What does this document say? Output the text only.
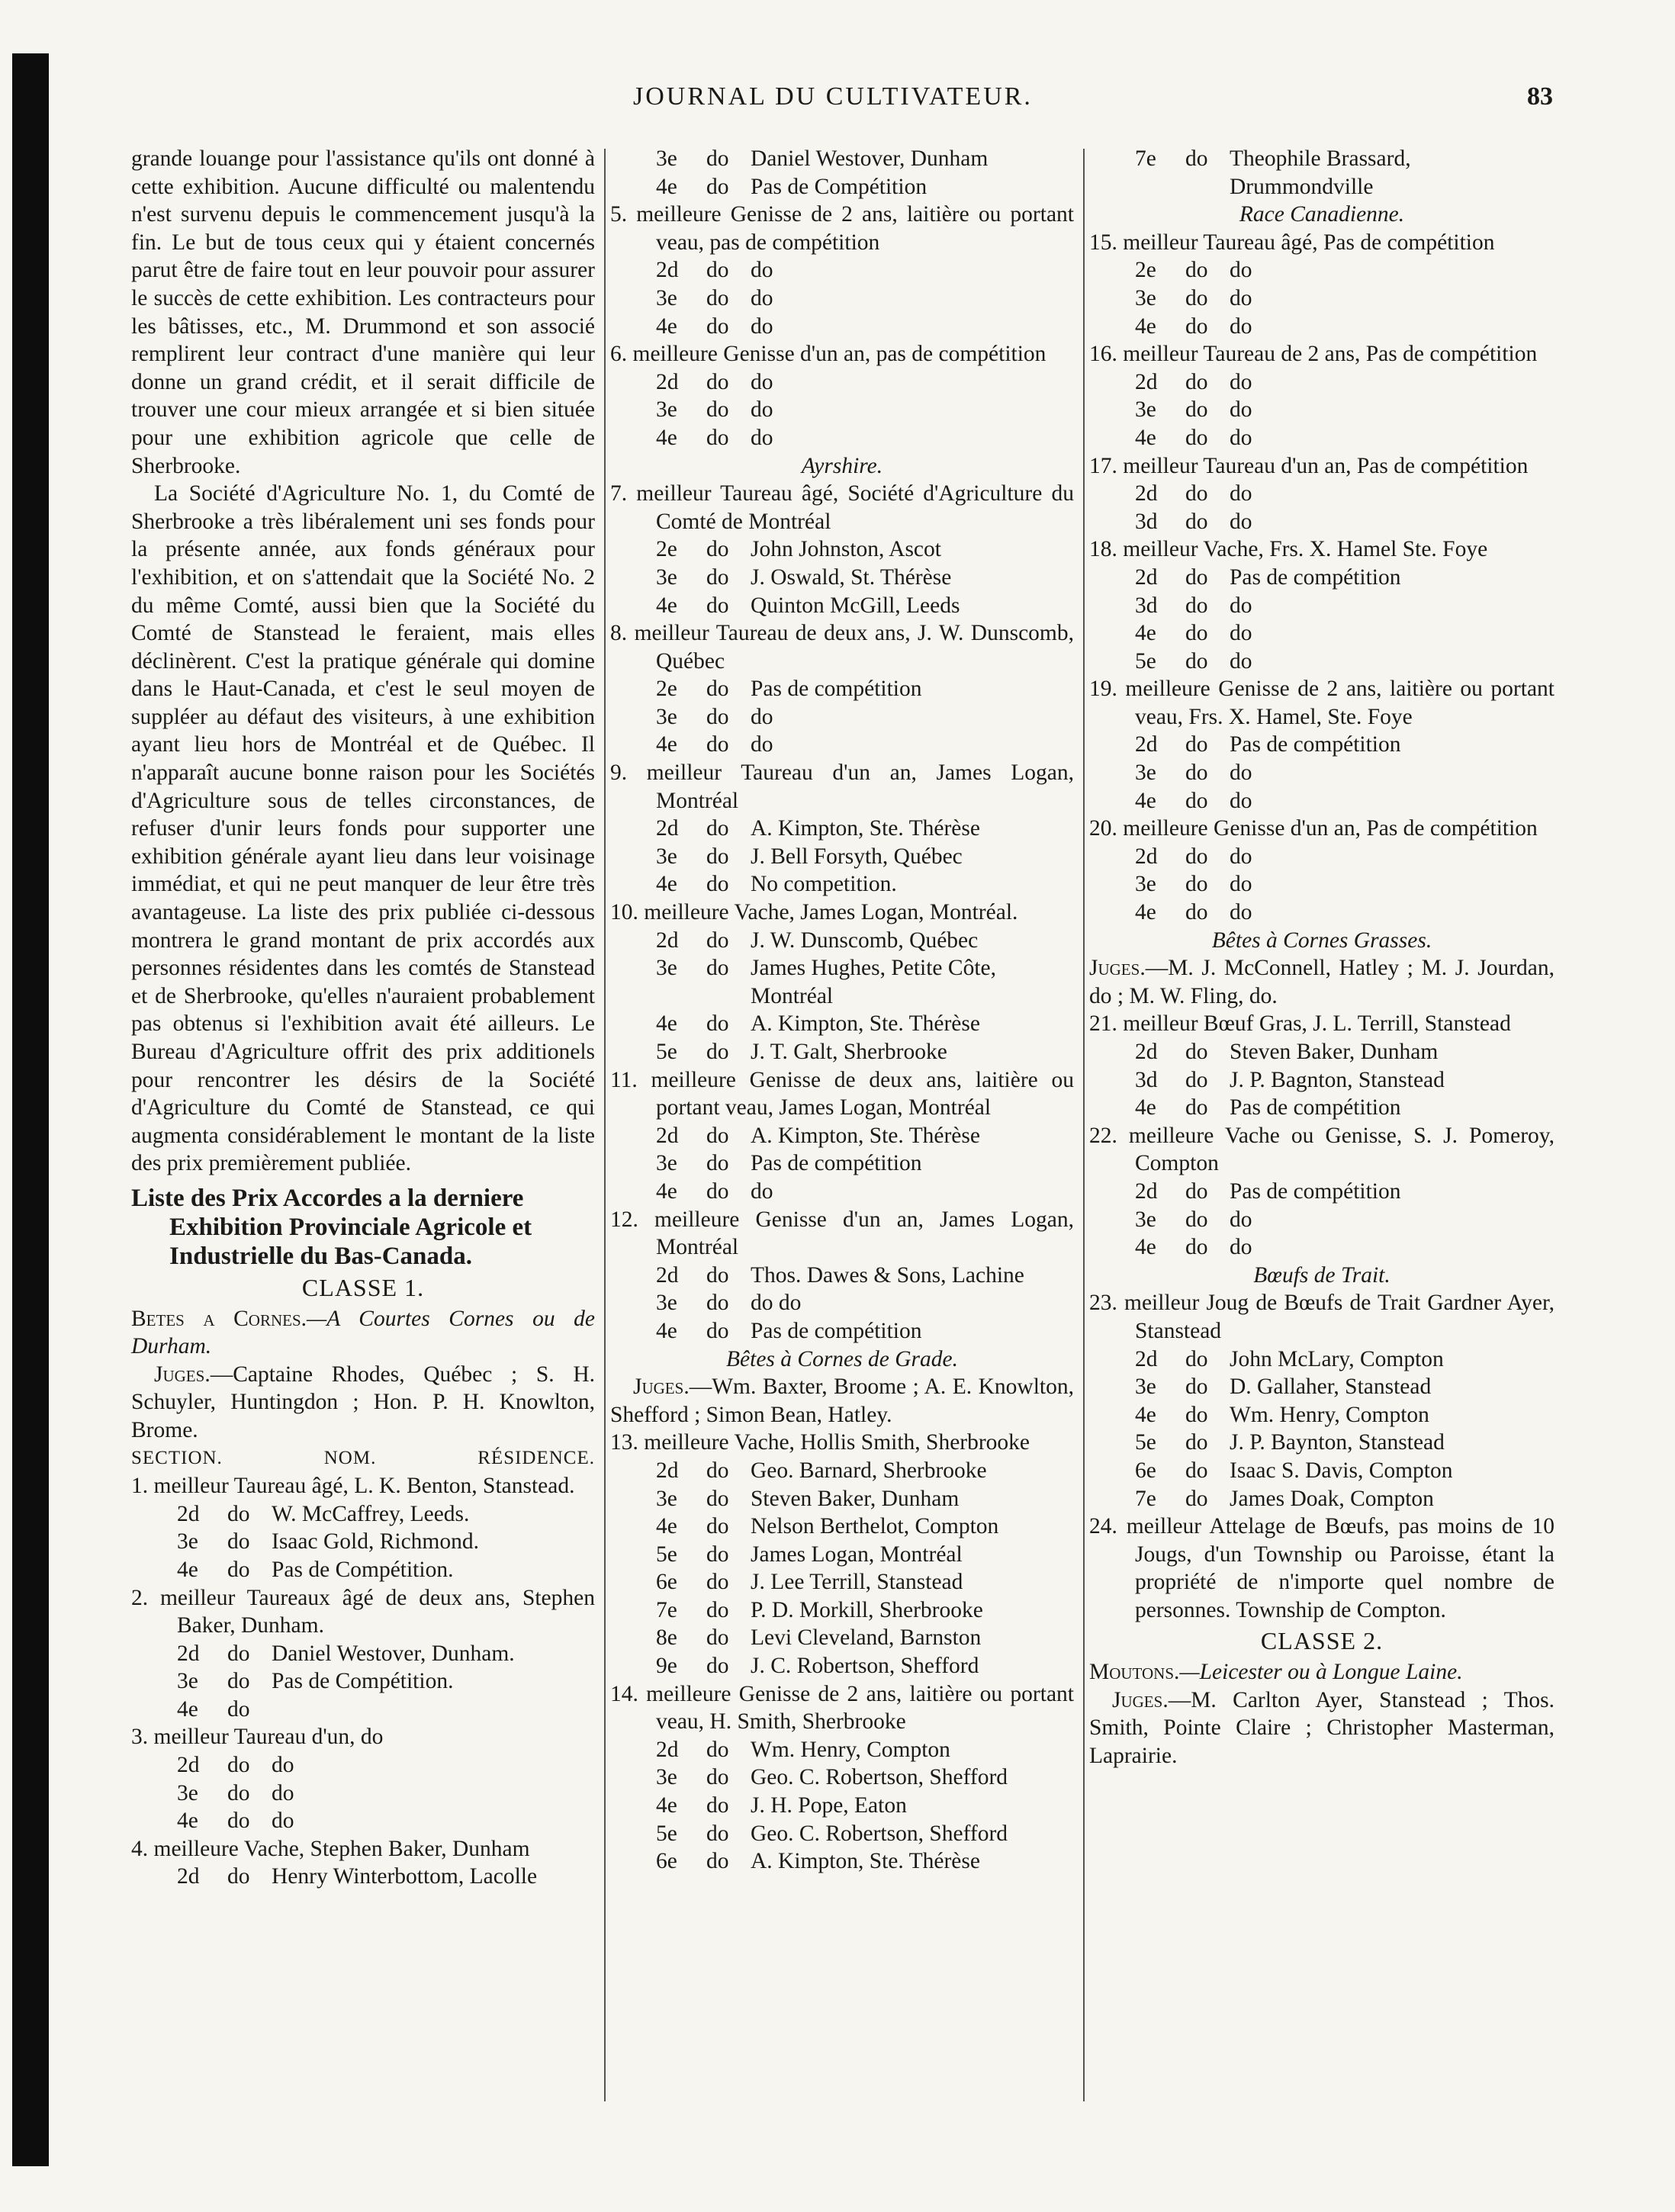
JOURNAL DU CULTIVATEUR.	83

grande louange pour l'assistance qu'ils ont donné à cette exhibition. Aucune difficulté ou malentendu n'est survenu depuis le commencement jusqu'à la fin. Le but de tous ceux qui y étaient concernés parut être de faire tout en leur pouvoir pour assurer le succès de cette exhibition. Les contracteurs pour les bâtisses, etc., M. Drummond et son associé remplirent leur contract d'une manière qui leur donne un grand crédit, et il serait difficile de trouver une cour mieux arrangée et si bien située pour une exhibition agricole que celle de Sherbrooke.

La Société d'Agriculture No. 1, du Comté de Sherbrooke a très libéralement uni ses fonds pour la présente année, aux fonds généraux pour l'exhibition, et on s'attendait que la Société No. 2 du même Comté, aussi bien que la Société du Comté de Stanstead le feraient, mais elles déclinèrent. C'est la pratique générale qui domine dans le Haut-Canada, et c'est le seul moyen de suppléer au défaut des visiteurs, à une exhibition ayant lieu hors de Montréal et de Québec. Il n'apparaît aucune bonne raison pour les Sociétés d'Agriculture sous de telles circonstances, de refuser d'unir leurs fonds pour supporter une exhibition générale ayant lieu dans leur voisinage immédiat, et qui ne peut manquer de leur être très avantageuse. La liste des prix publiée ci-dessous montrera le grand montant de prix accordés aux personnes résidentes dans les comtés de Stanstead et de Sherbrooke, qu'elles n'auraient probablement pas obtenus si l'exhibition avait été ailleurs. Le Bureau d'Agriculture offrit des prix additionels pour rencontrer les désirs de la Société d'Agriculture du Comté de Stanstead, ce qui augmenta considérablement le montant de la liste des prix premièrement publiée.

Liste des Prix Accordes a la derniere
Exhibition Provinciale Agricole et Industrielle du Bas-Canada.

CLASSE 1.

Betes a Cornes.—A Courtes Cornes ou de Durham.

Juges.—Captaine Rhodes, Québec ; S. H. Schuyler, Huntingdon ; Hon. P. H. Knowlton, Brome.

SECTION.	NOM.	RÉSIDENCE.

1. meilleur Taureau âgé, L. K. Benton, Stanstead.

2d	do W. McCaffrey, Leeds.
3e	do Isaac Gold, Richmond.
4e	do Pas de Compétition.

2. meilleur Taureaux âgé de deux ans, Stephen Baker, Dunham.

2d	do Daniel Westover, Dunham.
3e	do Pas de Compétition.
4e	do

3. meilleur Taureau d'un, do

2d	do do
3e	do do
4e	do do

4. meilleure Vache, Stephen Baker, Dunham

2d	do Henry Winterbottom, Lacolle
3e	do Daniel Westover, Dunham
4e	do Pas de Compétition

5. meilleure Genisse de 2 ans, laitière ou portant veau, pas de compétition

2d	do do
3e	do do
4e	do do

6. meilleure Genisse d'un an, pas de compétition

2d	do do
3e	do do
4e	do do

Ayrshire.

7. meilleur Taureau âgé, Société d'Agriculture du Comté de Montréal

2e	do John Johnston, Ascot
3e	do J. Oswald, St. Thérèse
4e	do Quinton McGill, Leeds

8. meilleur Taureau de deux ans, J. W. Dunscomb, Québec

2e	do Pas de compétition
3e	do do
4e	do do

9. meilleur Taureau d'un an, James Logan, Montréal

2d	do A. Kimpton, Ste. Thérèse
3e	do J. Bell Forsyth, Québec
4e	do No competition.

10. meilleure Vache, James Logan, Montréal.

2d	do J. W. Dunscomb, Québec
3e	do James Hughes, Petite Côte, Montréal
4e	do A. Kimpton, Ste. Thérèse
5e	do J. T. Galt, Sherbrooke

11. meilleure Genisse de deux ans, laitière ou portant veau, James Logan, Montréal

2d	do A. Kimpton, Ste. Thérèse
3e	do Pas de compétition
4e	do do

12. meilleure Genisse d'un an, James Logan, Montréal

2d	do Thos. Dawes & Sons, Lachine
3e	do do do
4e	do Pas de compétition

Bêtes à Cornes de Grade.

Juges.—Wm. Baxter, Broome ; A. E. Knowlton, Shefford ; Simon Bean, Hatley.

13. meilleure Vache, Hollis Smith, Sherbrooke

2d	do Geo. Barnard, Sherbrooke
3e	do Steven Baker, Dunham
4e	do Nelson Berthelot, Compton
5e	do James Logan, Montréal
6e	do J. Lee Terrill, Stanstead
7e	do P. D. Morkill, Sherbrooke
8e	do Levi Cleveland, Barnston
9e	do J. C. Robertson, Shefford

14. meilleure Genisse de 2 ans, laitière ou portant veau, H. Smith, Sherbrooke

2d	do Wm. Henry, Compton
3e	do Geo. C. Robertson, Shefford
4e	do J. H. Pope, Eaton
5e	do Geo. C. Robertson, Shefford
6e	do A. Kimpton, Ste. Thérèse
7e	do Theophile Brassard, Drummondville

Race Canadienne.

15. meilleur Taureau âgé, Pas de compétition

2e	do do
3e	do do
4e	do do

16. meilleur Taureau de 2 ans, Pas de compétition

2d	do do
3e	do do
4e	do do

17. meilleur Taureau d'un an, Pas de compétition

2d	do do
3d	do do

18. meilleur Vache, Frs. X. Hamel Ste. Foye

2d	do Pas de compétition
3d	do do
4e	do do
5e	do do

19. meilleure Genisse de 2 ans, laitière ou portant veau, Frs. X. Hamel, Ste. Foye

2d	do Pas de compétition
3e	do do
4e	do do

20. meilleure Genisse d'un an, Pas de compétition

2d	do do
3e	do do
4e	do do

Bêtes à Cornes Grasses.

Juges.—M. J. McConnell, Hatley ; M. J. Jourdan, do ; M. W. Fling, do.

21. meilleur Bœuf Gras, J. L. Terrill, Stanstead

2d	do Steven Baker, Dunham
3d	do J. P. Bagnton, Stanstead
4e	do Pas de compétition

22. meilleure Vache ou Genisse, S. J. Pomeroy, Compton

2d	do Pas de compétition
3e	do do
4e	do do

Bœufs de Trait.

23. meilleur Joug de Bœufs de Trait Gardner Ayer, Stanstead

2d	do John McLary, Compton
3e	do D. Gallaher, Stanstead
4e	do Wm. Henry, Compton
5e	do J. P. Baynton, Stanstead
6e	do Isaac S. Davis, Compton
7e	do James Doak, Compton

24. meilleur Attelage de Bœufs, pas moins de 10 Jougs, d'un Township ou Paroisse, étant la propriété de n'importe quel nombre de personnes. Township de Compton.

CLASSE 2.

Moutons.—Leicester ou à Longue Laine.

Juges.—M. Carlton Ayer, Stanstead ; Thos. Smith, Pointe Claire ; Christopher Masterman, Laprairie.
